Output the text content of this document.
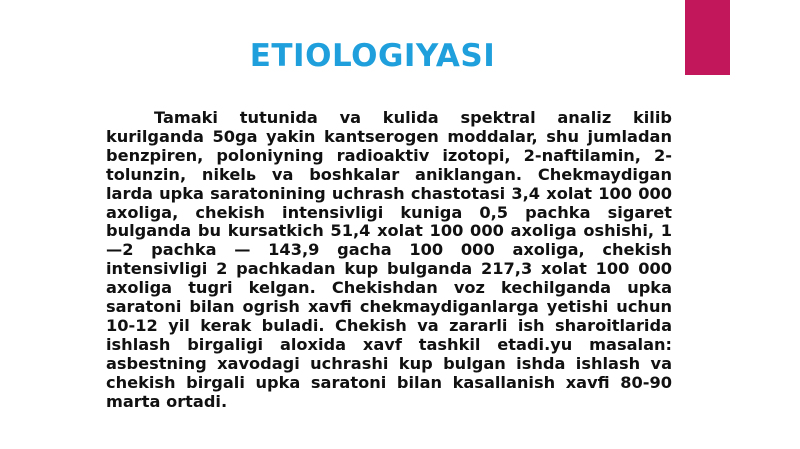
ETIOLOGIYASI

Tamaki tutunida va kulida spektral analiz kilib kurilganda 50ga yakin kantserogen moddalar, shu jumladan benzpiren, poloniyning radioaktiv izotopi, 2-naftilamin, 2-tolunzin, nikelь va boshkalar aniklangan. Chekmaydigan larda upka saratonining uchrash chastotasi 3,4 xolat 100 000 axoliga, chekish intensivligi kuniga 0,5 pachka sigaret bulganda bu kursatkich 51,4 xolat 100 000 axoliga oshishi, 1—2 pachka — 143,9 gacha 100 000 axoliga, chekish intensivligi 2 pachkadan kup bulganda 217,3 xolat 100 000 axoliga tugri kelgan. Chekishdan voz kechilganda upka saratoni bilan ogrish xavfi chekmaydiganlarga yetishi uchun 10-12 yil kerak buladi. Chekish va zararli ish sharoitlarida ishlash birgaligi aloxida xavf tashkil etadi.yu masalan: asbestning xavodagi uchrashi kup bulgan ishda ishlash va chekish birgali upka saratoni bilan kasallanish xavfi 80-90 marta ortadi.
